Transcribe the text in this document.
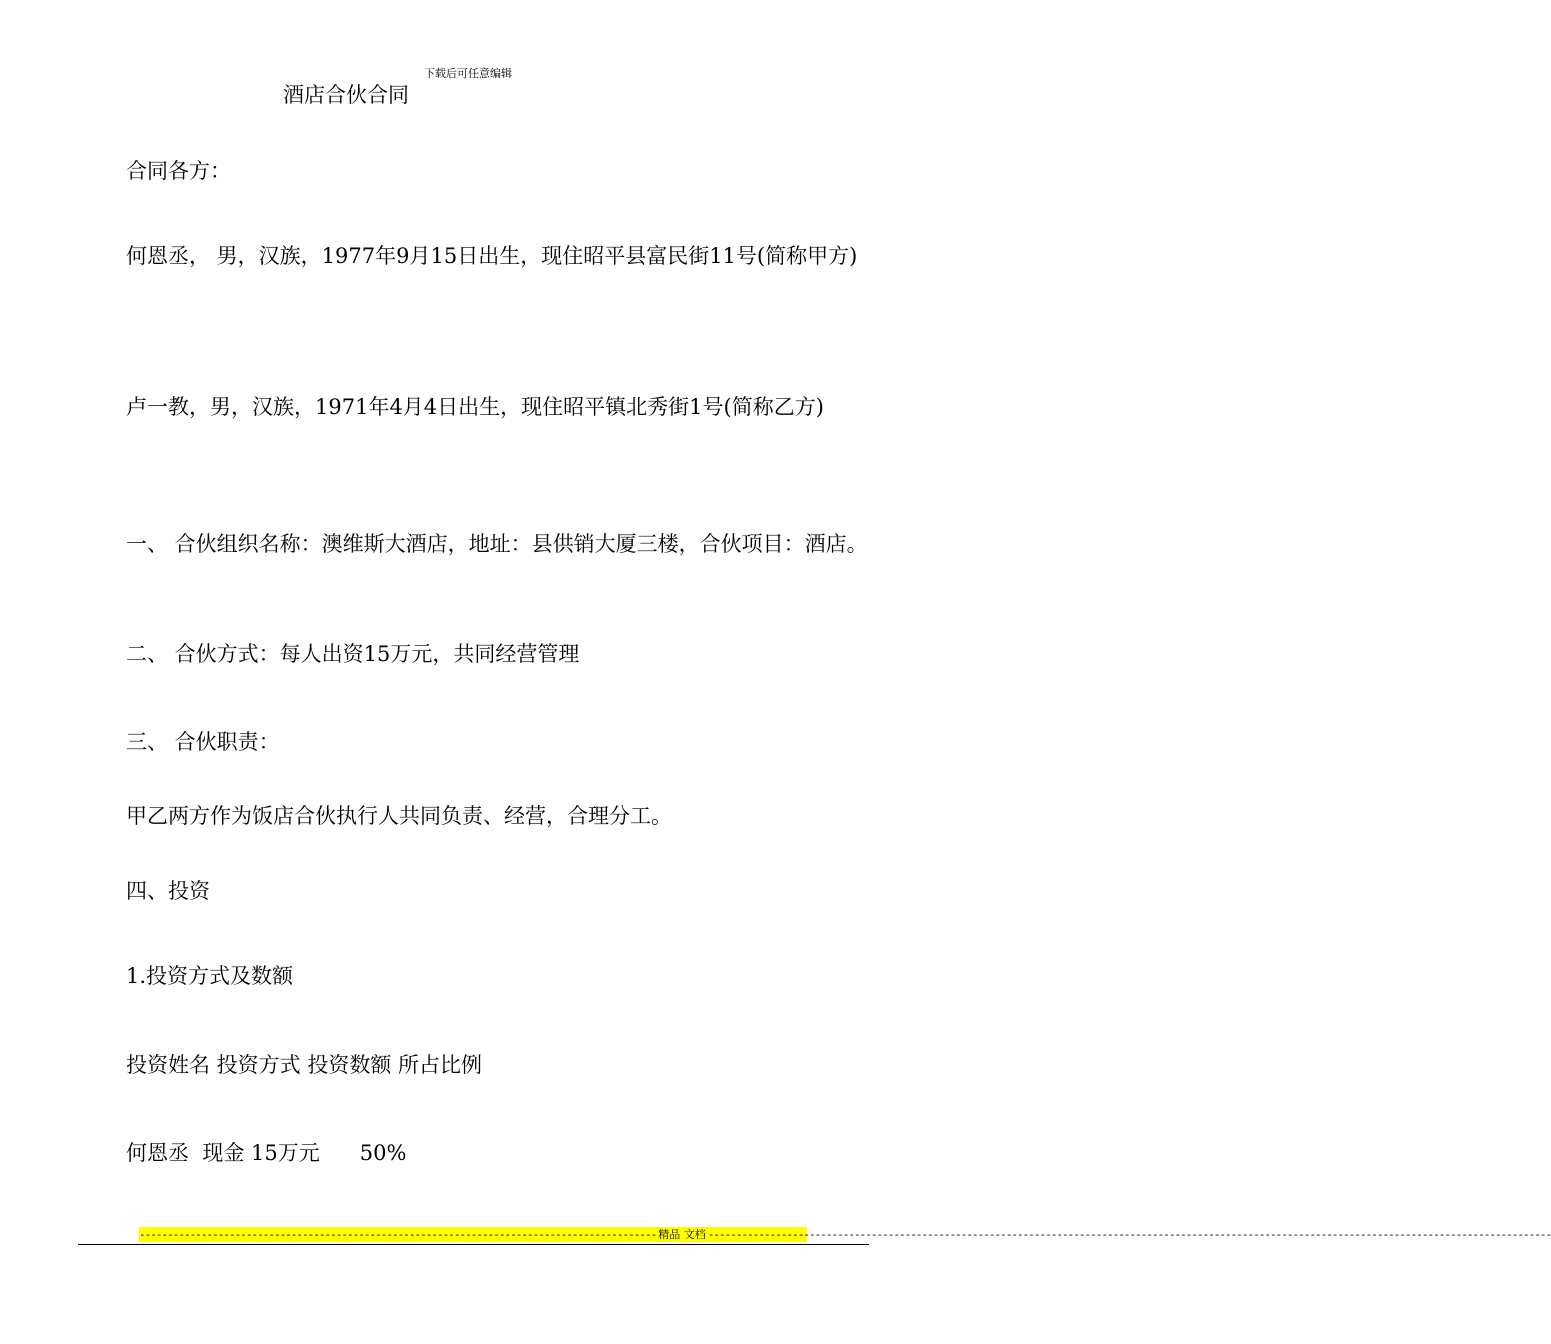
下载后可任意编辑
酒店合伙合同
合同各方：
何恩丞， 男，汉族，1977年9月15日出生，现住昭平县富民街11号(简称甲方)
卢一教，男，汉族，1971年4月4日出生，现住昭平镇北秀街1号(简称乙方)
一、 合伙组织名称：澳维斯大酒店，地址：县供销大厦三楼，合伙项目：酒店。
二、 合伙方式：每人出资15万元，共同经营管理
三、 合伙职责：
甲乙两方作为饭店合伙执行人共同负责、经营，合理分工。
四、投资
1.投资方式及数额
投资姓名 投资方式 投资数额 所占比例
何恩丞  现金 15万元      50%
-------------------------------------------------------------------------------------------- 精品 文档 ------------------------------------------------------------------------------------------------------------------------------------------------------
